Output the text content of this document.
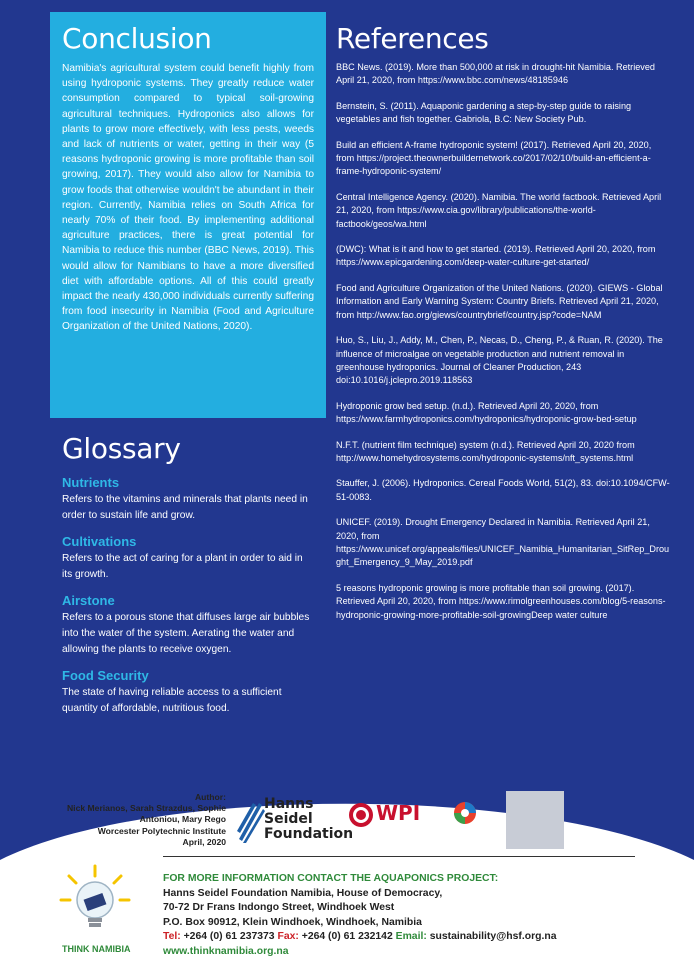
Conclusion

Namibia's agricultural system could benefit highly from using hydroponic systems. They greatly reduce water consumption compared to typical soil-growing agricultural techniques. Hydroponics also allows for plants to grow more effectively, with less pests, weeds and lack of nutrients or water, getting in their way (5 reasons hydroponic growing is more profitable than soil growing, 2017). They would also allow for Namibia to grow foods that otherwise wouldn't be abundant in their region. Currently, Namibia relies on South Africa for nearly 70% of their food. By implementing additional agriculture practices, there is great potential for Namibia to reduce this number (BBC News, 2019). This would allow for Namibians to have a more diversified diet with affordable options. All of this could greatly impact the nearly 430,000 individuals currently suffering from food insecurity in Namibia (Food and Agriculture Organization of the United Nations, 2020).

Glossary
Nutrients

Refers to the vitamins and minerals that plants need in order to sustain life and grow.

Cultivations

Refers to the act of caring for a plant in order to aid in its growth.

Airstone

Refers to a porous stone that diffuses large air bubbles into the water of the system. Aerating the water and allowing the plants to receive oxygen.

Food Security

The state of having reliable access to a sufficient quantity of affordable, nutritious food.

References

BBC News. (2019). More than 500,000 at risk in drought-hit Namibia. Retrieved April 21, 2020, from https://www.bbc.com/news/48185946

Bernstein, S. (2011). Aquaponic gardening a step-by-step guide to raising vegetables and fish together. Gabriola, B.C: New Society Pub.

Build an efficient A-frame hydroponic system! (2017). Retrieved April 20, 2020, from https://project.theownerbuildernetwork.co/2017/02/10/build-an-efficient-a-frame-hydroponic-system/

Central Intelligence Agency. (2020). Namibia. The world factbook. Retrieved April 21, 2020, from https://www.cia.gov/library/publications/the-world-factbook/geos/wa.html

(DWC): What is it and how to get started. (2019). Retrieved April 20, 2020, from https://www.epicgardening.com/deep-water-culture-get-started/

Food and Agriculture Organization of the United Nations. (2020). GIEWS - Global Information and Early Warning System: Country Briefs. Retrieved April 21, 2020, from http://www.fao.org/giews/countrybrief/country.jsp?code=NAM

Huo, S., Liu, J., Addy, M., Chen, P., Necas, D., Cheng, P., & Ruan, R. (2020). The influence of microalgae on vegetable production and nutrient removal in greenhouse hydroponics. Journal of Cleaner Production, 243 doi:10.1016/j.jclepro.2019.118563

Hydroponic grow bed setup. (n.d.). Retrieved April 20, 2020, from https://www.farmhydroponics.com/hydroponics/hydroponic-grow-bed-setup

N.F.T. (nutrient film technique) system (n.d.). Retrieved April 20, 2020 from http://www.homehydrosystems.com/hydroponic-systems/nft_systems.html

Stauffer, J. (2006). Hydroponics. Cereal Foods World, 51(2), 83. doi:10.1094/CFW-51-0083.

UNICEF. (2019). Drought Emergency Declared in Namibia. Retrieved April 21, 2020, from https://www.unicef.org/appeals/files/UNICEF_Namibia_Humanitarian_SitRep_Drought_Emergency_9_May_2019.pdf

5 reasons hydroponic growing is more profitable than soil growing. (2017). Retrieved April 20, 2020, from https://www.rimolgreenhouses.com/blog/5-reasons-hydroponic-growing-more-profitable-soil-growingDeep water culture

Author:
Nick Merianos, Sarah Strazdus, Sophie
Antoniou, Mary Rego
Worcester Polytechnic Institute
April, 2020
Hanns
Seidel
Foundation
WPI
THINK NAMIBIA
FOR MORE INFORMATION CONTACT THE AQUAPONICS PROJECT:
Hanns Seidel Foundation Namibia, House of Democracy,
70-72 Dr Frans Indongo Street, Windhoek West
P.O. Box 90912, Klein Windhoek, Windhoek, Namibia
Tel: +264 (0) 61 237373 Fax: +264 (0) 61 232142 Email: sustainability@hsf.org.na
www.thinknamibia.org.na
